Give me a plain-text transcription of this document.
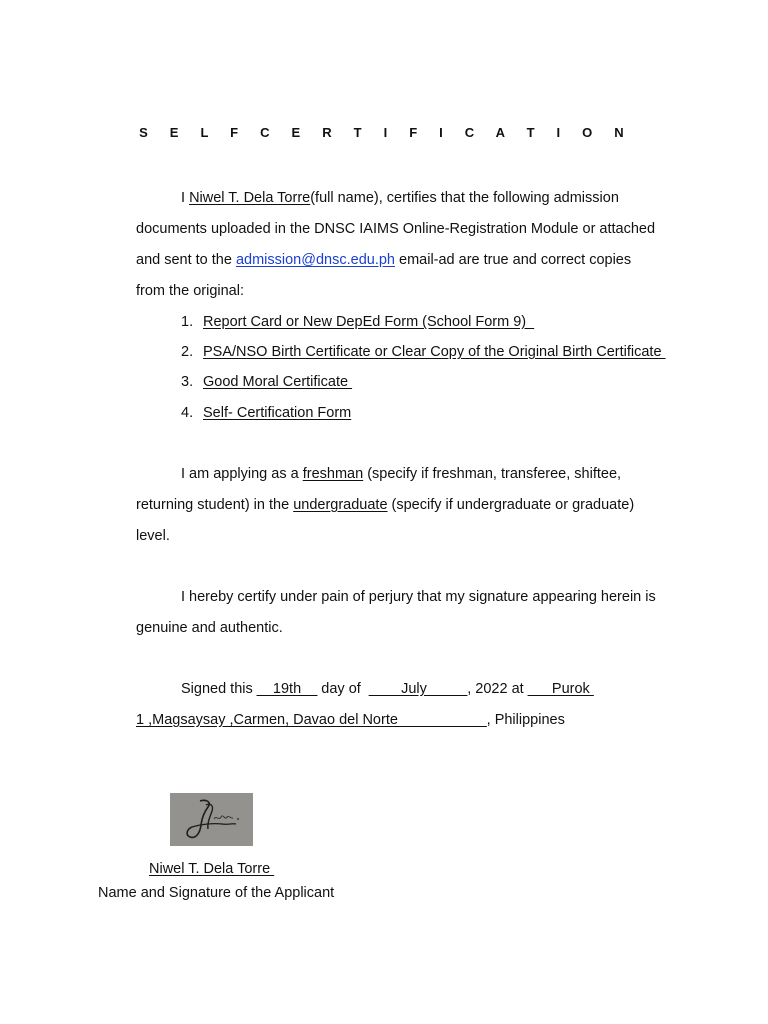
S E L F C E R T I F I C A T I O N
I Niwel T. Dela Torre(full name), certifies that the following admission
documents uploaded in the DNSC IAIMS Online-Registration Module or attached
and sent to the admission@dnsc.edu.ph email-ad are true and correct copies
from the original:
1. Report Card or New DepEd Form (School Form 9)
2. PSA/NSO Birth Certificate or Clear Copy of the Original Birth Certificate
3. Good Moral Certificate
4. Self- Certification Form
I am applying as a freshman (specify if freshman, transferee, shiftee,
returning student) in the undergraduate (specify if undergraduate or graduate)
level.
I hereby certify under pain of perjury that my signature appearing herein is
genuine and authentic.
Signed this __19th__ day of  ____July_____, 2022 at ___Purok
1 ,Magsaysay ,Carmen, Davao del Norte___________, Philippines
Niwel T. Dela Torre
Name and Signature of the Applicant
